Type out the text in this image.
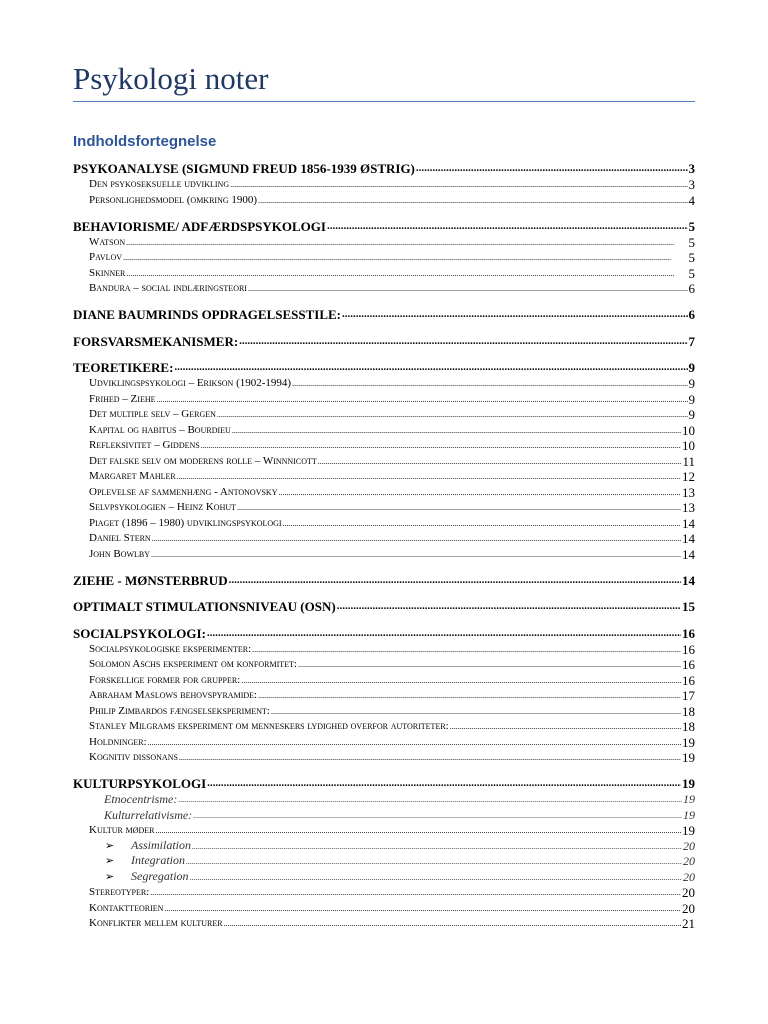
Psykologi noter
Indholdsfortegnelse
PSYKOANALYSE (SIGMUND FREUD 1856-1939 ØSTRIG) .....	3
Den psykoseksuelle udvikling .....	3
Personlighedsmodel (omkring 1900) .....	4
BEHAVIORISME/ ADFÆRDSPSYKOLOGI .....	5
Watson .....	5
Pavlov .....	5
Skinner .....	5
Bandura – social indlæringsteori .....	6
DIANE BAUMRINDS OPDRAGELSESSTILE: .....	6
FORSVARSMEKANISMER: .....	7
TEORETIKERE: .....	9
Udviklingspsykologi – Erikson (1902-1994) .....	9
Frihed – Ziehe .....	9
Det multiple selv – Gergen .....	9
Kapital og habitus – Bourdieu .....	10
Refleksivitet – Giddens .....	10
Det falske selv om moderens rolle – Winnnicott .....	11
Margaret Mahler .....	12
Oplevelse af sammenhæng - Antonovsky .....	13
Selvpsykologien – Heinz Kohut .....	13
Piaget (1896 – 1980) udviklingspsykologi .....	14
Daniel Stern .....	14
John Bowlby .....	14
ZIEHE - MØNSTERBRUD .....	14
OPTIMALT STIMULATIONSNIVEAU (OSN) .....	15
SOCIALPSYKOLOGI: .....	16
Socialpsykologiske eksperimenter: .....	16
Solomon Aschs eksperiment om konformitet: .....	16
Forskellige former for grupper: .....	16
Abraham Maslows behovspyramide: .....	17
Philip Zimbardos fængselseksperiment: .....	18
Stanley Milgrams eksperiment om menneskers lydighed overfor autoriteter: .....	18
Holdninger: .....	19
Kognitiv dissonans .....	19
KULTURPSYKOLOGI .....	19
Etnocentrisme: .....	19
Kulturrelativisme: .....	19
Kultur møder .....	19
➢ Assimilation .....	20
➢ Integration .....	20
➢ Segregation .....	20
Stereotyper: .....	20
Kontaktteorien .....	20
Konflikter mellem kulturer .....	21
